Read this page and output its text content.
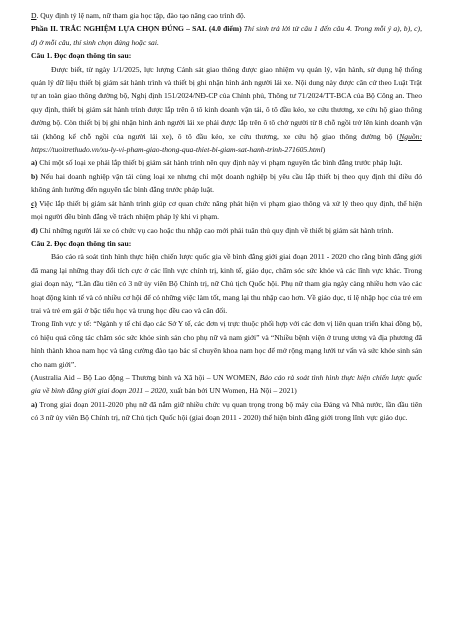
D. Quy định tỷ lệ nam, nữ tham gia học tập, đào tạo nâng cao trình độ.

Phần II. TRẮC NGHIỆM LỰA CHỌN ĐÚNG – SAI. (4.0 điểm) Thí sinh trả lời từ câu 1 đến câu 4. Trong mỗi ý a), b), c), d) ở mỗi câu, thí sinh chọn đúng hoặc sai.

Câu 1. Đọc đoạn thông tin sau:

Được biết, từ ngày 1/1/2025, lực lượng Cảnh sát giao thông được giao nhiệm vụ quản lý, vận hành, sử dụng hệ thống quản lý dữ liệu thiết bị giám sát hành trình và thiết bị ghi nhận hình ảnh người lái xe. Nội dung này được căn cứ theo Luật Trật tự an toàn giao thông đường bộ, Nghị định 151/2024/NĐ-CP của Chính phủ, Thông tư 71/2024/TT-BCA của Bộ Công an. Theo quy định, thiết bị giám sát hành trình được lắp trên ô tô kinh doanh vận tải, ô tô đầu kéo, xe cứu thương, xe cứu hộ giao thông đường bộ. Còn thiết bị bị ghi nhận hình ảnh người lái xe phải được lắp trên ô tô chở người từ 8 chỗ ngồi trở lên kinh doanh vận tải (không kể chỗ ngồi của người lái xe), ô tô đầu kéo, xe cứu thương, xe cứu hộ giao thông đường bộ (Nguồn: https://tuoitrethudo.vn/xu-ly-vi-pham-giao-thong-qua-thiet-bi-giam-sat-hanh-trinh-271605.html)

a) Chỉ một số loại xe phải lắp thiết bị giám sát hành trình nên quy định này vi phạm nguyên tắc bình đẳng trước pháp luật.

b) Nếu hai doanh nghiệp vận tải cùng loại xe nhưng chỉ một doanh nghiệp bị yêu cầu lắp thiết bị theo quy định thì điều đó không ảnh hưởng đến nguyên tắc bình đẳng trước pháp luật.

c) Việc lắp thiết bị giám sát hành trình giúp cơ quan chức năng phát hiện vi phạm giao thông và xử lý theo quy định, thể hiện mọi người đều bình đẳng về trách nhiệm pháp lý khi vi phạm.

d) Chỉ những người lái xe có chức vụ cao hoặc thu nhập cao mới phải tuân thủ quy định về thiết bị giám sát hành trình.

Câu 2. Đọc đoạn thông tin sau:

Báo cáo rà soát tình hình thực hiện chiến lược quốc gia về bình đẳng giới giai đoạn 2011 - 2020 cho rằng bình đẳng giới đã mang lại những thay đổi tích cực ở các lĩnh vực chính trị, kinh tế, giáo dục, chăm sóc sức khỏe và các lĩnh vực khác. Trong giai đoạn này, “Lần đầu tiên có 3 nữ ủy viên Bộ Chính trị, nữ Chủ tịch Quốc hội. Phụ nữ tham gia ngày càng nhiều hơn vào các hoạt động kinh tế và có nhiều cơ hội để có những việc làm tốt, mang lại thu nhập cao hơn. Về giáo dục, tỉ lệ nhập học của trẻ em trai và trẻ em gái ở bậc tiểu học và trung học đều cao và cân đối.

Trong lĩnh vực y tế: “Ngành y tế chỉ đạo các Sở Y tế, các đơn vị trực thuộc phối hợp với các đơn vị liên quan triển khai đồng bộ, có hiệu quả công tác chăm sóc sức khỏe sinh sản cho phụ nữ và nam giới” và “Nhiều bệnh viện ở trung ương và địa phương đã hình thành khoa nam học và tăng cường đào tạo bác sĩ chuyên khoa nam học để mở rộng mạng lưới tư vấn và sức khỏe sinh sản cho nam giới”.

(Australia Aid – Bộ Lao động – Thương binh và Xã hội – UN WOMEN, Báo cáo rà soát tình hình thực hiện chiến lược quốc gia về bình đẳng giới giai đoạn 2011 – 2020, xuất bản bởi UN Women, Hà Nội – 2021)

a) Trong giai đoạn 2011-2020 phụ nữ đã nắm giữ nhiều chức vụ quan trọng trong bộ máy của Đảng và Nhà nước, lần đầu tiên có 3 nữ ủy viên Bộ Chính trị, nữ Chủ tịch Quốc hội (giai đoạn 2011 - 2020) thể hiện bình đẳng giới trong lĩnh vực giáo dục.
